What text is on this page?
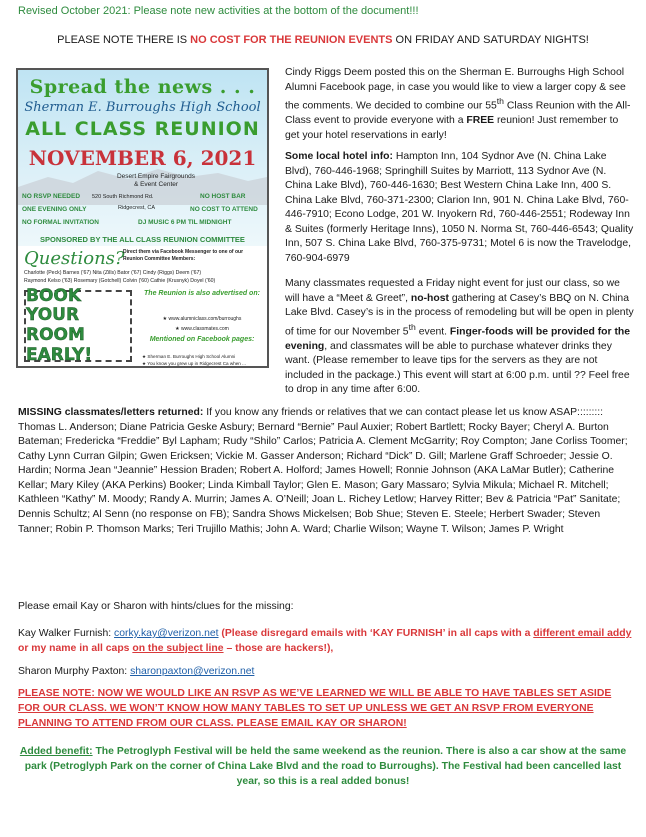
Revised October 2021: Please note new activities at the bottom of the document!!!
PLEASE NOTE THERE IS NO COST FOR THE REUNION EVENTS ON FRIDAY AND SATURDAY NIGHTS!
Spread the news . . .
Sherman E. Burroughs High School
ALL CLASS REUNION
NOVEMBER 6, 2021
Desert Empire Fairgrounds
& Event Center
520 South Richmond Rd.
Ridgecrest, CA
NO RSVP NEEDED
ONE EVENING ONLY
NO FORMAL INVITATION
NO HOST BAR
NO COST TO ATTEND
DJ MUSIC 6 PM TIL MIDNIGHT
SPONSORED BY THE ALL CLASS REUNION COMMITTEE
Questions?
Direct them via Facebook Messenger to one of our Reunion Committee Members:
Charlotte (Peck) Barnes ('67) Nita (Zills) Bator ('67) Cindy (Riggs) Deem ('67)
Raymond Kelso ('63) Rosemary (Gotchell) Colvin ('60) Cathie (Krusnyk) Doyel ('60)
BOOK YOUR
ROOM EARLY!
The Reunion is also advertised on:
★ www.alumniclass.com/burroughs
★ www.classmates.com
Mentioned on Facebook pages:
★ Sherman E. Burroughs High School Alumni
★ You know you grew up in Ridgecrest Ca when ...
Cindy Riggs Deem posted this on the Sherman E. Burroughs High School Alumni Facebook page, in case you would like to view a larger copy & see the comments. We decided to combine our 55th Class Reunion with the All-Class event to provide everyone with a FREE reunion! Just remember to get your hotel reservations in early!
Some local hotel info: Hampton Inn, 104 Sydnor Ave (N. China Lake Blvd), 760-446-1968; Springhill Suites by Marriott, 113 Sydnor Ave (N. China Lake Blvd), 760-446-1630; Best Western China Lake Inn, 400 S. China Lake Blvd, 760-371-2300; Clarion Inn, 901 N. China Lake Blvd, 760-446-7910; Econo Lodge, 201 W. Inyokern Rd, 760-446-2551; Rodeway Inn & Suites (formerly Heritage Inns), 1050 N. Norma St, 760-446-6543; Quality Inn, 507 S. China Lake Blvd, 760-375-9731; Motel 6 is now the Travelodge, 760-904-6979
Many classmates requested a Friday night event for just our class, so we will have a “Meet & Greet”, no-host gathering at Casey’s BBQ on N. China Lake Blvd. Casey’s is in the process of remodeling but will be open in plenty of time for our November 5th event. Finger-foods will be provided for the evening, and classmates will be able to purchase whatever drinks they want. (Please remember to leave tips for the servers as they are not included in the package.) This event will start at 6:00 p.m. until ?? Feel free to drop in any time after 6:00.
MISSING classmates/letters returned: If you know any friends or relatives that we can contact please let us know ASAP::::::::: Thomas L. Anderson; Diane Patricia Geske Asbury; Bernard “Bernie” Paul Auxier; Robert Bartlett; Rocky Bayer; Cheryl A. Burton Bateman; Fredericka “Freddie” Byl Lapham; Rudy “Shilo” Carlos; Patricia A. Clement McGarrity; Roy Compton; Jane Corliss Toomer; Cathy Lynn Curran Gilpin; Gwen Ericksen; Vickie M. Gasser Anderson; Richard “Dick” D. Gill; Marlene Graff Schroeder; Jessie O. Hardin; Norma Jean “Jeannie” Hession Braden; Robert A. Holford; James Howell; Ronnie Johnson (AKA LaMar Butler); Catherine Kellar; Mary Kiley (AKA Perkins) Booker; Linda Kimball Taylor; Glen E. Mason; Gary Massaro; Sylvia Mikula; Michael R. Mitchell; Kathleen “Kathy” M. Moody; Randy A. Murrin; James A. O’Neill; Joan L. Richey Letlow; Harvey Ritter; Bev & Patricia “Pat” Sanitate; Dennis Schultz; Al Senn (no response on FB); Sandra Shows Mickelsen; Bob Shue; Steven E. Steele; Herbert Swader; Steven Tanner; Robin P. Thomson Marks; Teri Trujillo Mathis; John A. Ward; Charlie Wilson; Wayne T. Wilson; James P. Wright
Please email Kay or Sharon with hints/clues for the missing:
Kay Walker Furnish: corky.kay@verizon.net (Please disregard emails with ‘KAY FURNISH’ in all caps with a different email addy or my name in all caps on the subject line – those are hackers!),
Sharon Murphy Paxton: sharonpaxton@verizon.net
PLEASE NOTE: NOW WE WOULD LIKE AN RSVP AS WE’VE LEARNED WE WILL BE ABLE TO HAVE TABLES SET ASIDE FOR OUR CLASS. WE WON’T KNOW HOW MANY TABLES TO SET UP UNLESS WE GET AN RSVP FROM EVERYONE PLANNING TO ATTEND FROM OUR CLASS. PLEASE EMAIL KAY OR SHARON!
Added benefit: The Petroglyph Festival will be held the same weekend as the reunion. There is also a car show at the same park (Petroglyph Park on the corner of China Lake Blvd and the road to Burroughs). The Festival had been cancelled last year, so this is a real added bonus!
